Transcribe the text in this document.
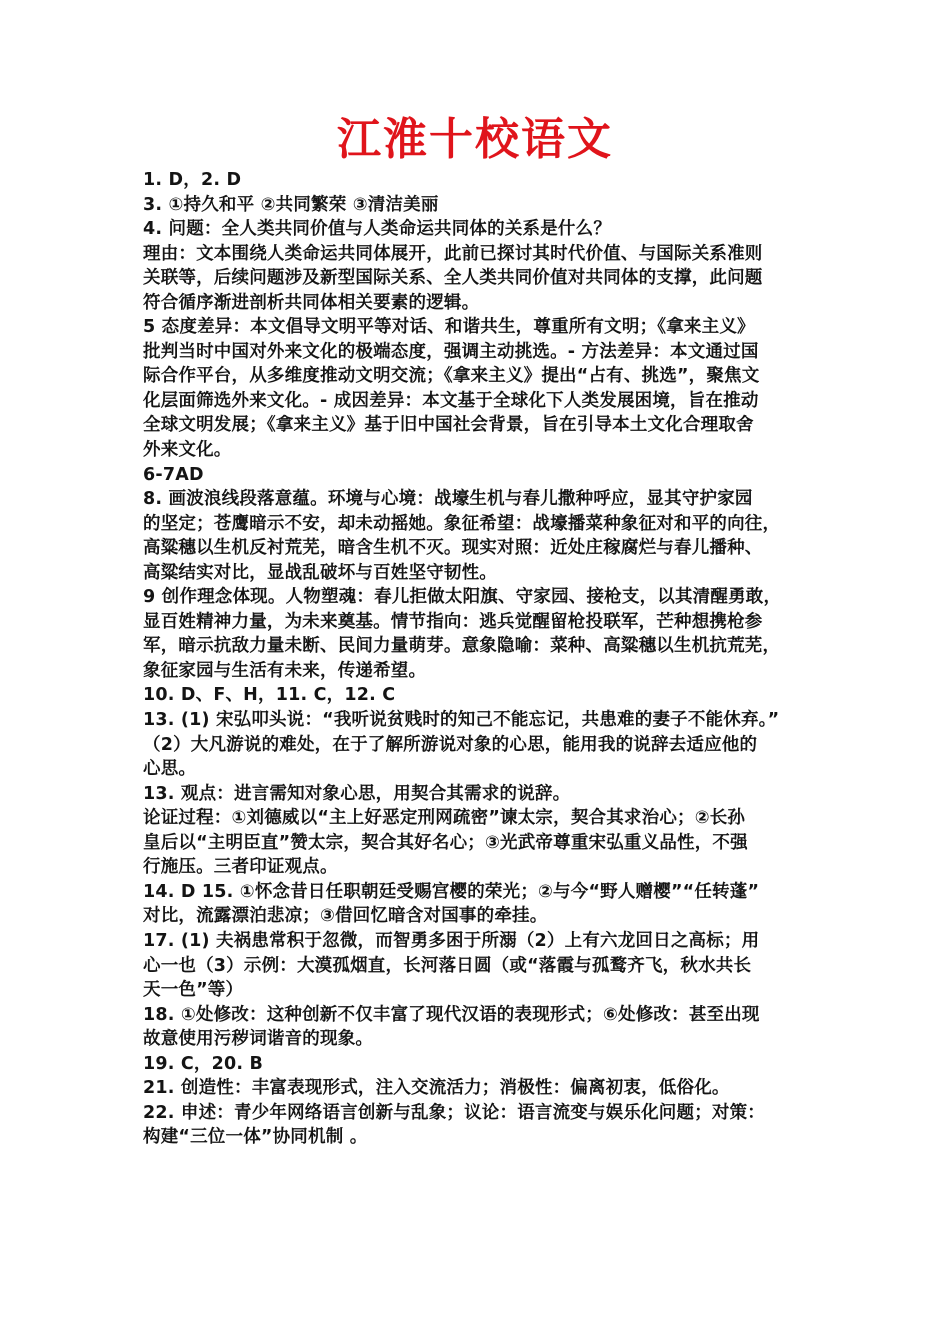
江淮十校语文
1. D，2. D
3. ①持久和平 ②共同繁荣 ③清洁美丽
4. 问题：全人类共同价值与人类命运共同体的关系是什么？
理由：文本围绕人类命运共同体展开，此前已探讨其时代价值、与国际关系准则
关联等，后续问题涉及新型国际关系、全人类共同价值对共同体的支撑，此问题
符合循序渐进剖析共同体相关要素的逻辑。
5 态度差异：本文倡导文明平等对话、和谐共生，尊重所有文明；《拿来主义》
批判当时中国对外来文化的极端态度，强调主动挑选。- 方法差异：本文通过国
际合作平台，从多维度推动文明交流；《拿来主义》提出“占有、挑选”，聚焦文
化层面筛选外来文化。- 成因差异：本文基于全球化下人类发展困境，旨在推动
全球文明发展；《拿来主义》基于旧中国社会背景，旨在引导本土文化合理取舍
外来文化。
6-7AD
8. 画波浪线段落意蕴。环境与心境：战壕生机与春儿撒种呼应，显其守护家园
的坚定；苍鹰暗示不安，却未动摇她。象征希望：战壕播菜种象征对和平的向往，
高粱穗以生机反衬荒芜，暗含生机不灭。现实对照：近处庄稼腐烂与春儿播种、
高粱结实对比，显战乱破坏与百姓坚守韧性。
9 创作理念体现。人物塑魂：春儿拒做太阳旗、守家园、接枪支，以其清醒勇敢，
显百姓精神力量，为未来奠基。情节指向：逃兵觉醒留枪投联军，芒种想携枪参
军，暗示抗敌力量未断、民间力量萌芽。意象隐喻：菜种、高粱穗以生机抗荒芜，
象征家园与生活有未来，传递希望。
10. D、F、H，11. C，12. C
13. (1) 宋弘叩头说：“我听说贫贱时的知己不能忘记，共患难的妻子不能休弃。”
（2）大凡游说的难处，在于了解所游说对象的心思，能用我的说辞去适应他的
心思。
13. 观点：进言需知对象心思，用契合其需求的说辞。
论证过程：①刘德威以“主上好恶定刑网疏密”谏太宗，契合其求治心；②长孙
皇后以“主明臣直”赞太宗，契合其好名心；③光武帝尊重宋弘重义品性，不强
行施压。三者印证观点。
14. D 15. ①怀念昔日任职朝廷受赐宫樱的荣光；②与今“野人赠樱”“任转蓬”
对比，流露漂泊悲凉；③借回忆暗含对国事的牵挂。
17. (1) 夫祸患常积于忽微，而智勇多困于所溺（2）上有六龙回日之高标；用
心一也（3）示例：大漠孤烟直，长河落日圆（或“落霞与孤鹜齐飞，秋水共长
天一色”等）
18. ①处修改：这种创新不仅丰富了现代汉语的表现形式；⑥处修改：甚至出现
故意使用污秽词谐音的现象。
19. C，20. B
21. 创造性：丰富表现形式，注入交流活力；消极性：偏离初衷，低俗化。
22. 申述：青少年网络语言创新与乱象；议论：语言流变与娱乐化问题；对策：
构建“三位一体”协同机制 。
